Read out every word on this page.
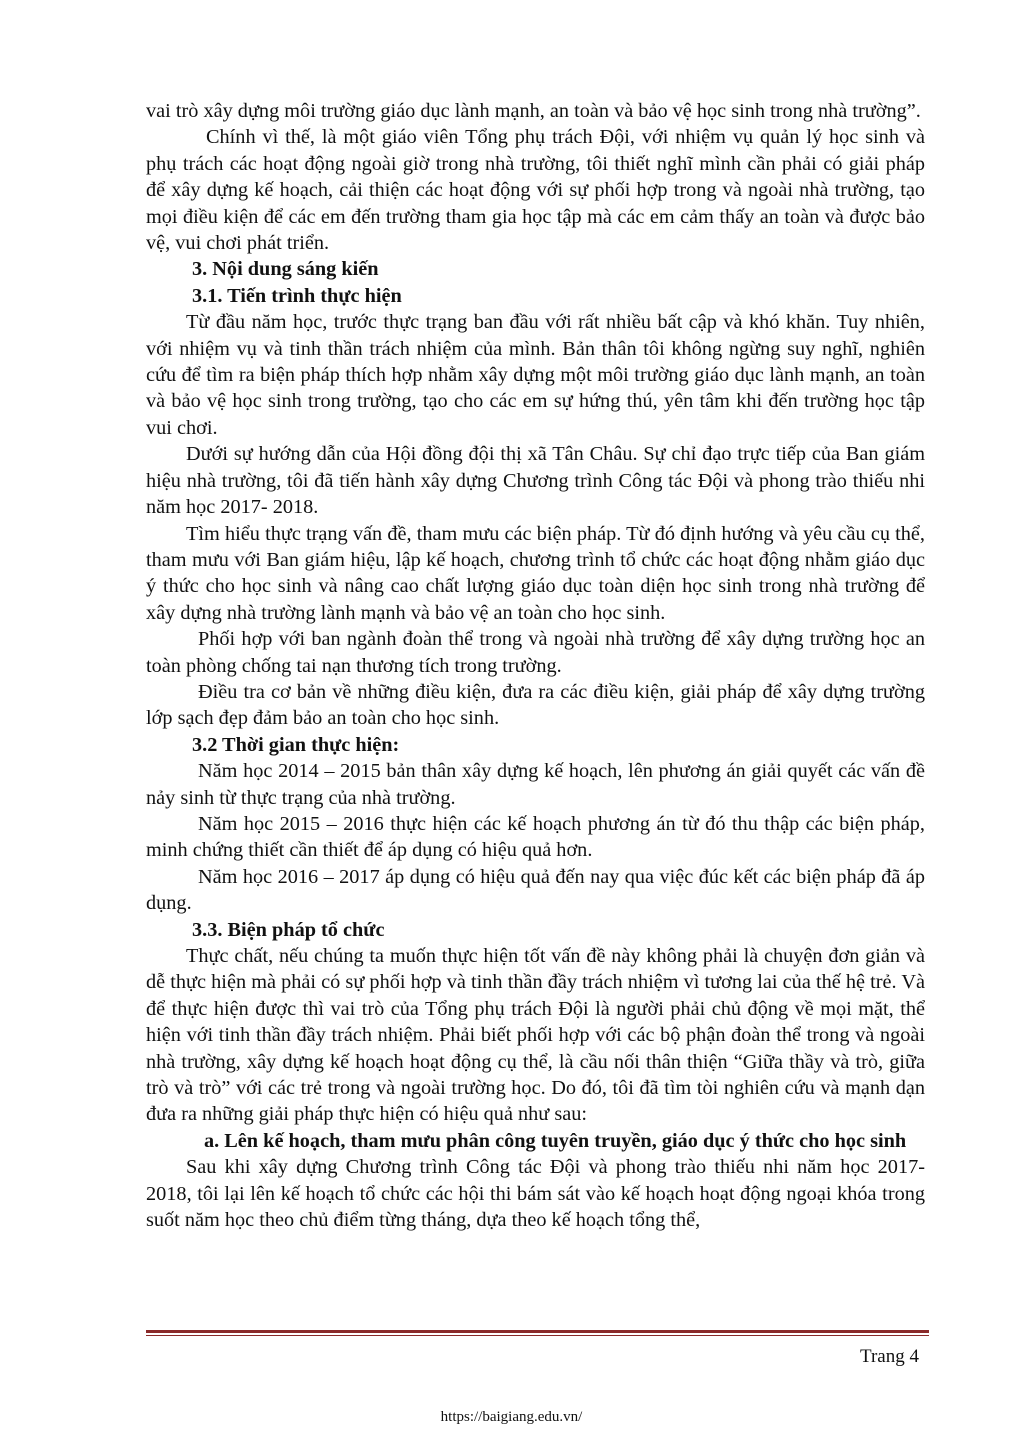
vai trò xây dựng môi trường giáo dục lành mạnh, an toàn và bảo vệ học sinh trong nhà trường”.

Chính vì thế, là một giáo viên Tổng phụ trách Đội, với nhiệm vụ quản lý học sinh và phụ trách các hoạt động ngoài giờ trong nhà trường, tôi thiết nghĩ mình cần phải có giải pháp để xây dựng kế hoạch, cải thiện các hoạt động với sự phối hợp trong và ngoài nhà trường, tạo mọi điều kiện để các em đến trường tham gia học tập mà các em cảm thấy an toàn và được bảo vệ, vui chơi phát triển.

3. Nội dung sáng kiến

3.1. Tiến trình thực hiện

Từ đầu năm học, trước thực trạng ban đầu với rất nhiều bất cập và khó khăn. Tuy nhiên, với nhiệm vụ và tinh thần trách nhiệm của mình. Bản thân tôi không ngừng suy nghĩ, nghiên cứu để tìm ra biện pháp thích hợp nhằm xây dựng một môi trường giáo dục lành mạnh, an toàn và bảo vệ học sinh trong trường, tạo cho các em sự hứng thú, yên tâm khi đến trường học tập vui chơi.

Dưới sự hướng dẫn của Hội đồng đội thị xã Tân Châu. Sự chỉ đạo trực tiếp của Ban giám hiệu nhà trường, tôi đã tiến hành xây dựng Chương trình Công tác Đội và phong trào thiếu nhi năm học 2017- 2018.

Tìm hiểu thực trạng vấn đề, tham mưu các biện pháp. Từ đó định hướng và yêu cầu cụ thể, tham mưu với Ban giám hiệu, lập kế hoạch, chương trình tổ chức các hoạt động nhằm giáo dục ý thức cho học sinh và nâng cao chất lượng giáo dục toàn diện học sinh trong nhà trường để xây dựng nhà trường lành mạnh và bảo vệ an toàn cho học sinh.

Phối hợp với ban ngành đoàn thể trong và ngoài nhà trường để xây dựng trường học an toàn phòng chống tai nạn thương tích trong trường.

Điều tra cơ bản về những điều kiện, đưa ra các điều kiện, giải pháp để xây dựng trường lớp sạch đẹp đảm bảo an toàn cho học sinh.

3.2 Thời gian thực hiện:

Năm học 2014 – 2015 bản thân xây dựng kế hoạch, lên phương án giải quyết các vấn đề nảy sinh từ thực trạng của nhà trường.

Năm học 2015 – 2016 thực hiện các kế hoạch phương án từ đó thu thập các biện pháp, minh chứng thiết cần thiết để áp dụng có hiệu quả hơn.

Năm học 2016 – 2017 áp dụng có hiệu quả đến nay qua việc đúc kết các biện pháp đã áp dụng.

3.3. Biện pháp tổ chức

Thực chất, nếu chúng ta muốn thực hiện tốt vấn đề này không phải là chuyện đơn giản và dễ thực hiện mà phải có sự phối hợp và tinh thần đầy trách nhiệm vì tương lai của thế hệ trẻ. Và để thực hiện được thì vai trò của Tổng phụ trách Đội là người phải chủ động về mọi mặt, thể hiện với tinh thần đầy trách nhiệm. Phải biết phối hợp với các bộ phận đoàn thể trong và ngoài nhà trường, xây dựng kế hoạch hoạt động cụ thể, là cầu nối thân thiện “Giữa thầy và trò, giữa trò và trò” với các trẻ trong và ngoài trường học. Do đó, tôi đã tìm tòi nghiên cứu và mạnh dạn đưa ra những giải pháp thực hiện có hiệu quả như sau:

a. Lên kế hoạch, tham mưu phân công tuyên truyền, giáo dục ý thức cho học sinh

Sau khi xây dựng Chương trình Công tác Đội và phong trào thiếu nhi năm học 2017- 2018, tôi lại lên kế hoạch tổ chức các hội thi bám sát vào kế hoạch hoạt động ngoại khóa trong suốt năm học theo chủ điểm từng tháng, dựa theo kế hoạch tổng thể,

Trang 4
https://baigiang.edu.vn/
